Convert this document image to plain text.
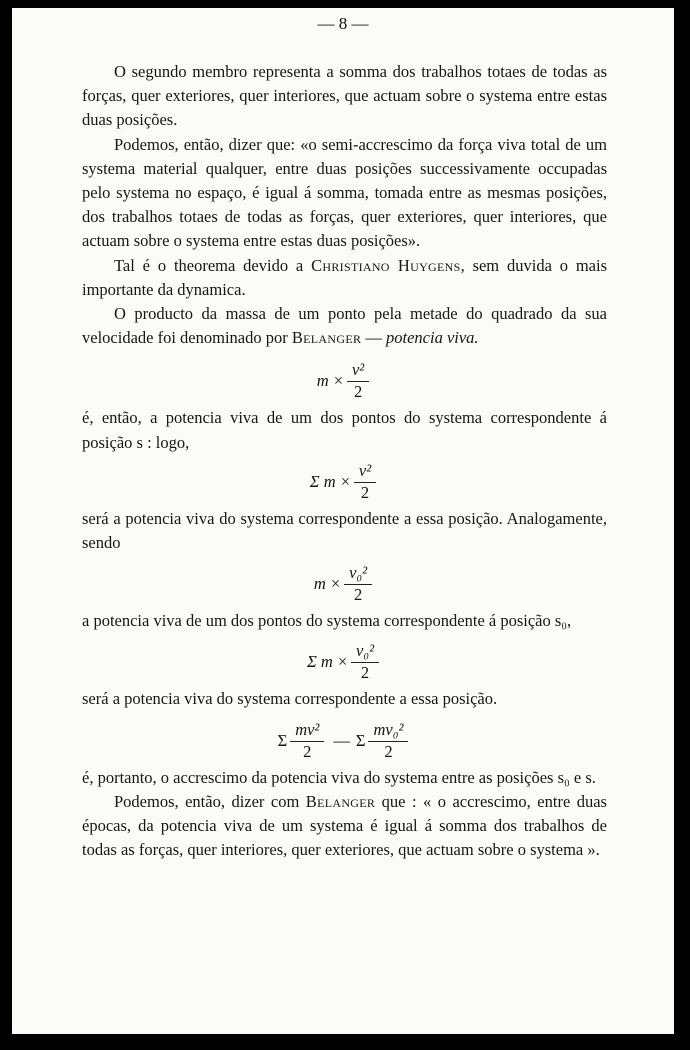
— 8 —

O segundo membro representa a somma dos trabalhos totaes de todas as forças, quer exteriores, quer interiores, que actuam sobre o systema entre estas duas posições.

Podemos, então, dizer que: «o semi-accrescimo da força viva total de um systema material qualquer, entre duas posições successivamente occupadas pelo systema no espaço, é igual á somma, tomada entre as mesmas posições, dos trabalhos totaes de todas as forças, quer exteriores, quer interiores, que actuam sobre o systema entre estas duas posições».

Tal é o theorema devido a Christiano Huygens, sem duvida o mais importante da dynamica.

O producto da massa de um ponto pela metade do quadrado da sua velocidade foi denominado por Belanger — potencia viva.

$m \times \frac{\text{v²}}{2}$

é, então, a potencia viva de um dos pontos do systema correspondente á posição s : logo,

Σ $m \times \frac{\text{v²}}{2}$

será a potencia viva do systema correspondente a essa posição. Analogamente, sendo

$m \times \frac{\text{v₀²}}{2}$

a potencia viva de um dos pontos do systema correspondente á posição s₀,

Σ $m \times \frac{\text{v₀²}}{2}$

será a potencia viva do systema correspondente a essa posição.

Σ $\frac{\text{mv²}}{2}$ — Σ $\frac{\text{mv₀²}}{2}$

é, portanto, o accrescimo da potencia viva do systema entre as posições s₀ e s.

Podemos, então, dizer com Belanger que : « o accrescimo, entre duas épocas, da potencia viva de um systema é igual á somma dos trabalhos de todas as forças, quer interiores, quer exteriores, que actuam sobre o systema ».
